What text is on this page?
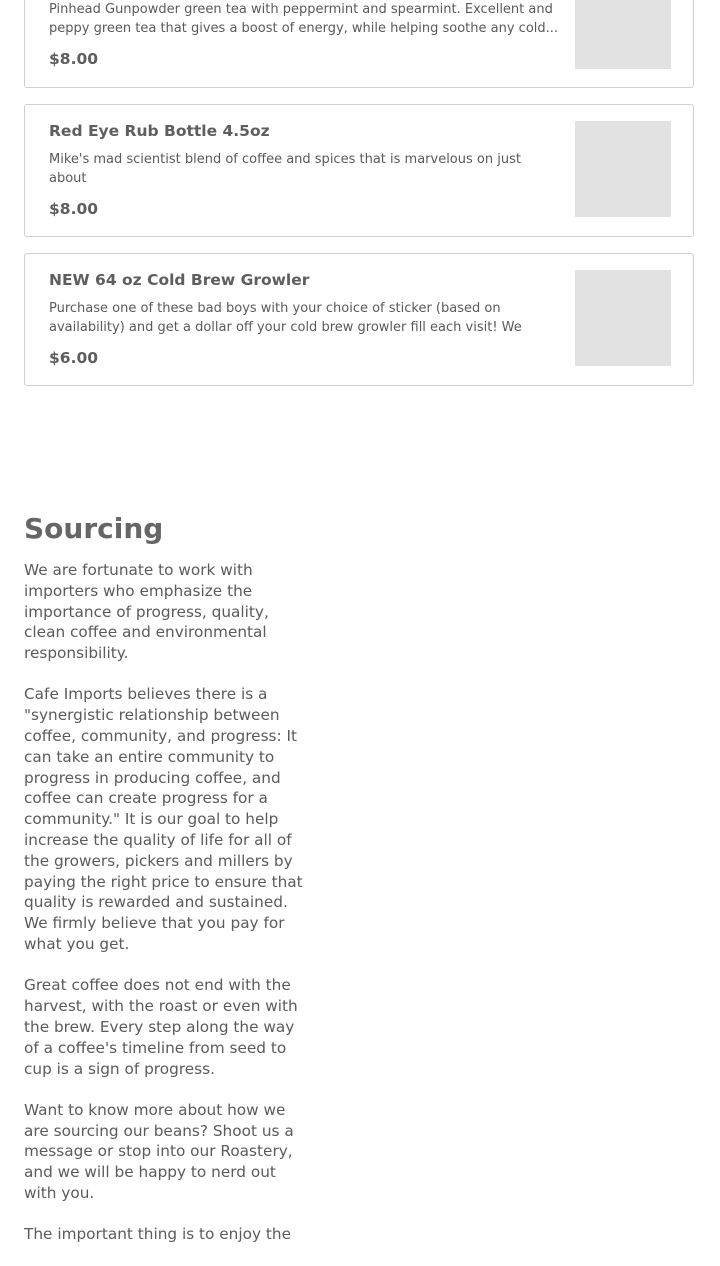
Pinhead Gunpowder green tea with peppermint and spearmint. Excellent and
peppy green tea that gives a boost of energy, while helping soothe any cold...
$8.00
Red Eye Rub Bottle 4.5oz
Mike's mad scientist blend of coffee and spices that is marvelous on just about
$8.00
NEW 64 oz Cold Brew Growler
Purchase one of these bad boys with your choice of sticker (based on
availability) and get a dollar off your cold brew growler fill each visit! We
$6.00
Sourcing

We are fortunate to work with importers who emphasize the importance of progress, quality, clean coffee and environmental responsibility.

Cafe Imports believes there is a "synergistic relationship between coffee, community, and progress: It can take an entire community to progress in producing coffee, and coffee can create progress for a community." It is our goal to help increase the quality of life for all of the growers, pickers and millers by paying the right price to ensure that quality is rewarded and sustained. We firmly believe that you pay for what you get.

Great coffee does not end with the harvest, with the roast or even with the brew. Every step along the way of a coffee's timeline from seed to cup is a sign of progress.

Want to know more about how we are sourcing our beans? Shoot us a message or stop into our Roastery, and we will be happy to nerd out with you.

The important thing is to enjoy the
